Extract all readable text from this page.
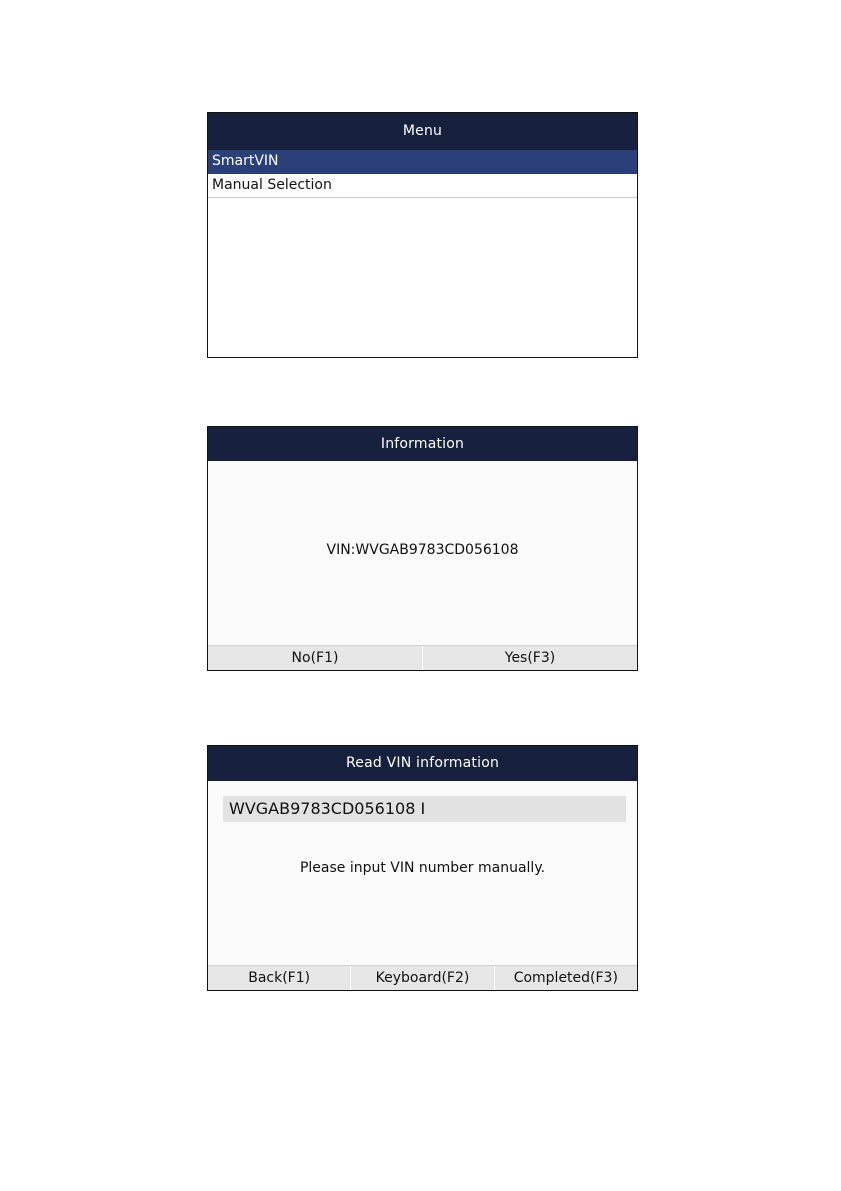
Menu
SmartVIN
Manual Selection
Information
VIN:WVGAB9783CD056108
No(F1)	Yes(F3)
Read VIN information
WVGAB9783CD056108 I
Please input VIN number manually.
Back(F1)	Keyboard(F2)	Completed(F3)
